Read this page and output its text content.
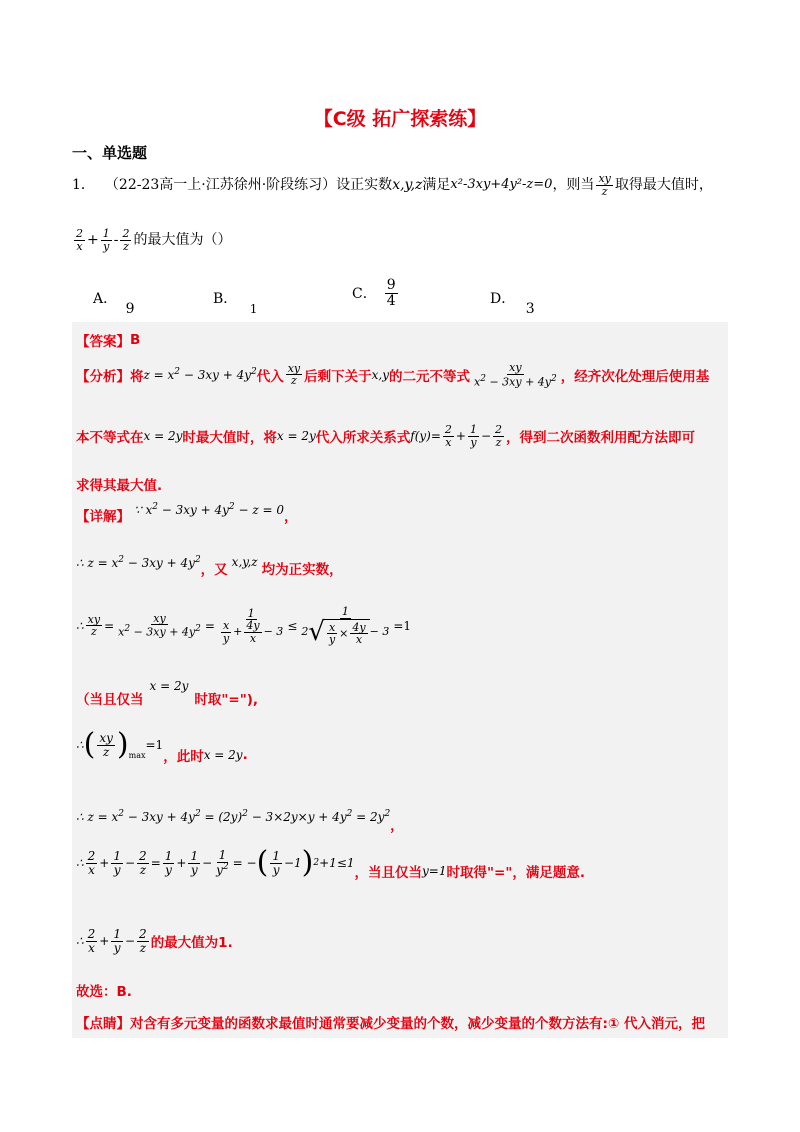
【C级 拓广探索练】
一、单选题
1． （22-23高一上·江苏徐州·阶段练习）设正实数 x,y,z 满足 x²-3xy+4y²-z=0 ，则当 $\frac{xy}{z}$ 取得最大值时，
$\frac{2}{x} + \frac{1}{y} - \frac{2}{z}$ 的最大值为（）
A． 9
B． 1
C． $\frac{9}{4}$	D． 3
【答案】 B
【分析】 将 $z = x^2 - 3xy + 4y^2$ 代入 $\frac{xy}{z}$ 后剩下关于 x,y 的二元不等式 $\frac{xy}{x^2 - 3xy + 4y^2}$ ，经齐次化处理后使用基
本不等式在 x = 2y 时最大值时，将 x = 2y 代入所求关系式 $f(y)= \frac{2}{x} + \frac{1}{y} - \frac{2}{z}$ ，得到二次函数利用配方法即可
求得其最大值.
【详解】 ∵ $x^2 - 3xy + 4y^2 - z = 0$ ，
∴ $z = x^2 - 3xy + 4y^2$
，又 x,y,z 均为正实数，
∴ $\frac{xy}{z} = \frac{xy}{x^2 - 3xy + 4y^2} = \frac{1}{\frac{x}{y} + \frac{4y}{x} - 3} \le \frac{1}{2 √ \frac{x}{y} \times \frac{4y}{x} - 3} =1$
（当且仅当
x = 2y
时取"="),
∴ ( $\frac{xy}{z}$ ) max
=1
，此时 x = 2y .
∴ $z = x^2 - 3xy + 4y^2 = (2y)^2 - 3\times 2y\times y + 4y^2 = 2y^2$
，
∴ $\frac{2}{x} + \frac{1}{y} - \frac{2}{z} = \frac{1}{y} + \frac{1}{y} - \frac{1}{y^2}$ = − ( $\frac{1}{y} -1$ ) 2 +1≤1
，当且仅当 y=1 时取得"="，满足题意.
∴ $\frac{2}{x} + \frac{1}{y} - \frac{2}{z}$ 的最大值为1.
故选：B.
【点睛】 对含有多元变量的函数求最值时通常要减少变量的个数，减少变量的个数方法有:① 代入消元，把
